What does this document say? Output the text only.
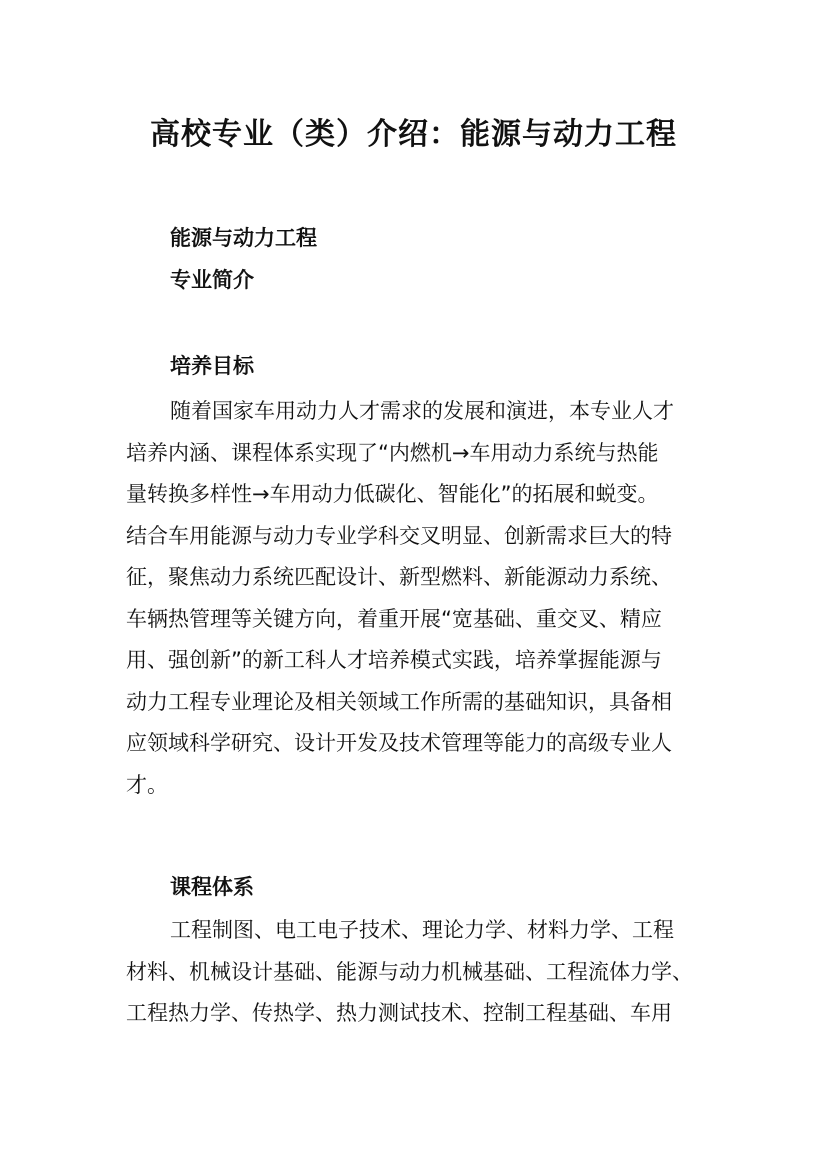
高校专业（类）介绍：能源与动力工程
能源与动力工程
专业简介
培养目标
随着国家车用动力人才需求的发展和演进，本专业人才
培养内涵、课程体系实现了“内燃机→车用动力系统与热能
量转换多样性→车用动力低碳化、智能化”的拓展和蜕变。
结合车用能源与动力专业学科交叉明显、创新需求巨大的特
征，聚焦动力系统匹配设计、新型燃料、新能源动力系统、
车辆热管理等关键方向，着重开展“宽基础、重交叉、精应
用、强创新”的新工科人才培养模式实践，培养掌握能源与
动力工程专业理论及相关领域工作所需的基础知识，具备相
应领域科学研究、设计开发及技术管理等能力的高级专业人
才。
课程体系
工程制图、电工电子技术、理论力学、材料力学、工程
材料、机械设计基础、能源与动力机械基础、工程流体力学、
工程热力学、传热学、热力测试技术、控制工程基础、车用
